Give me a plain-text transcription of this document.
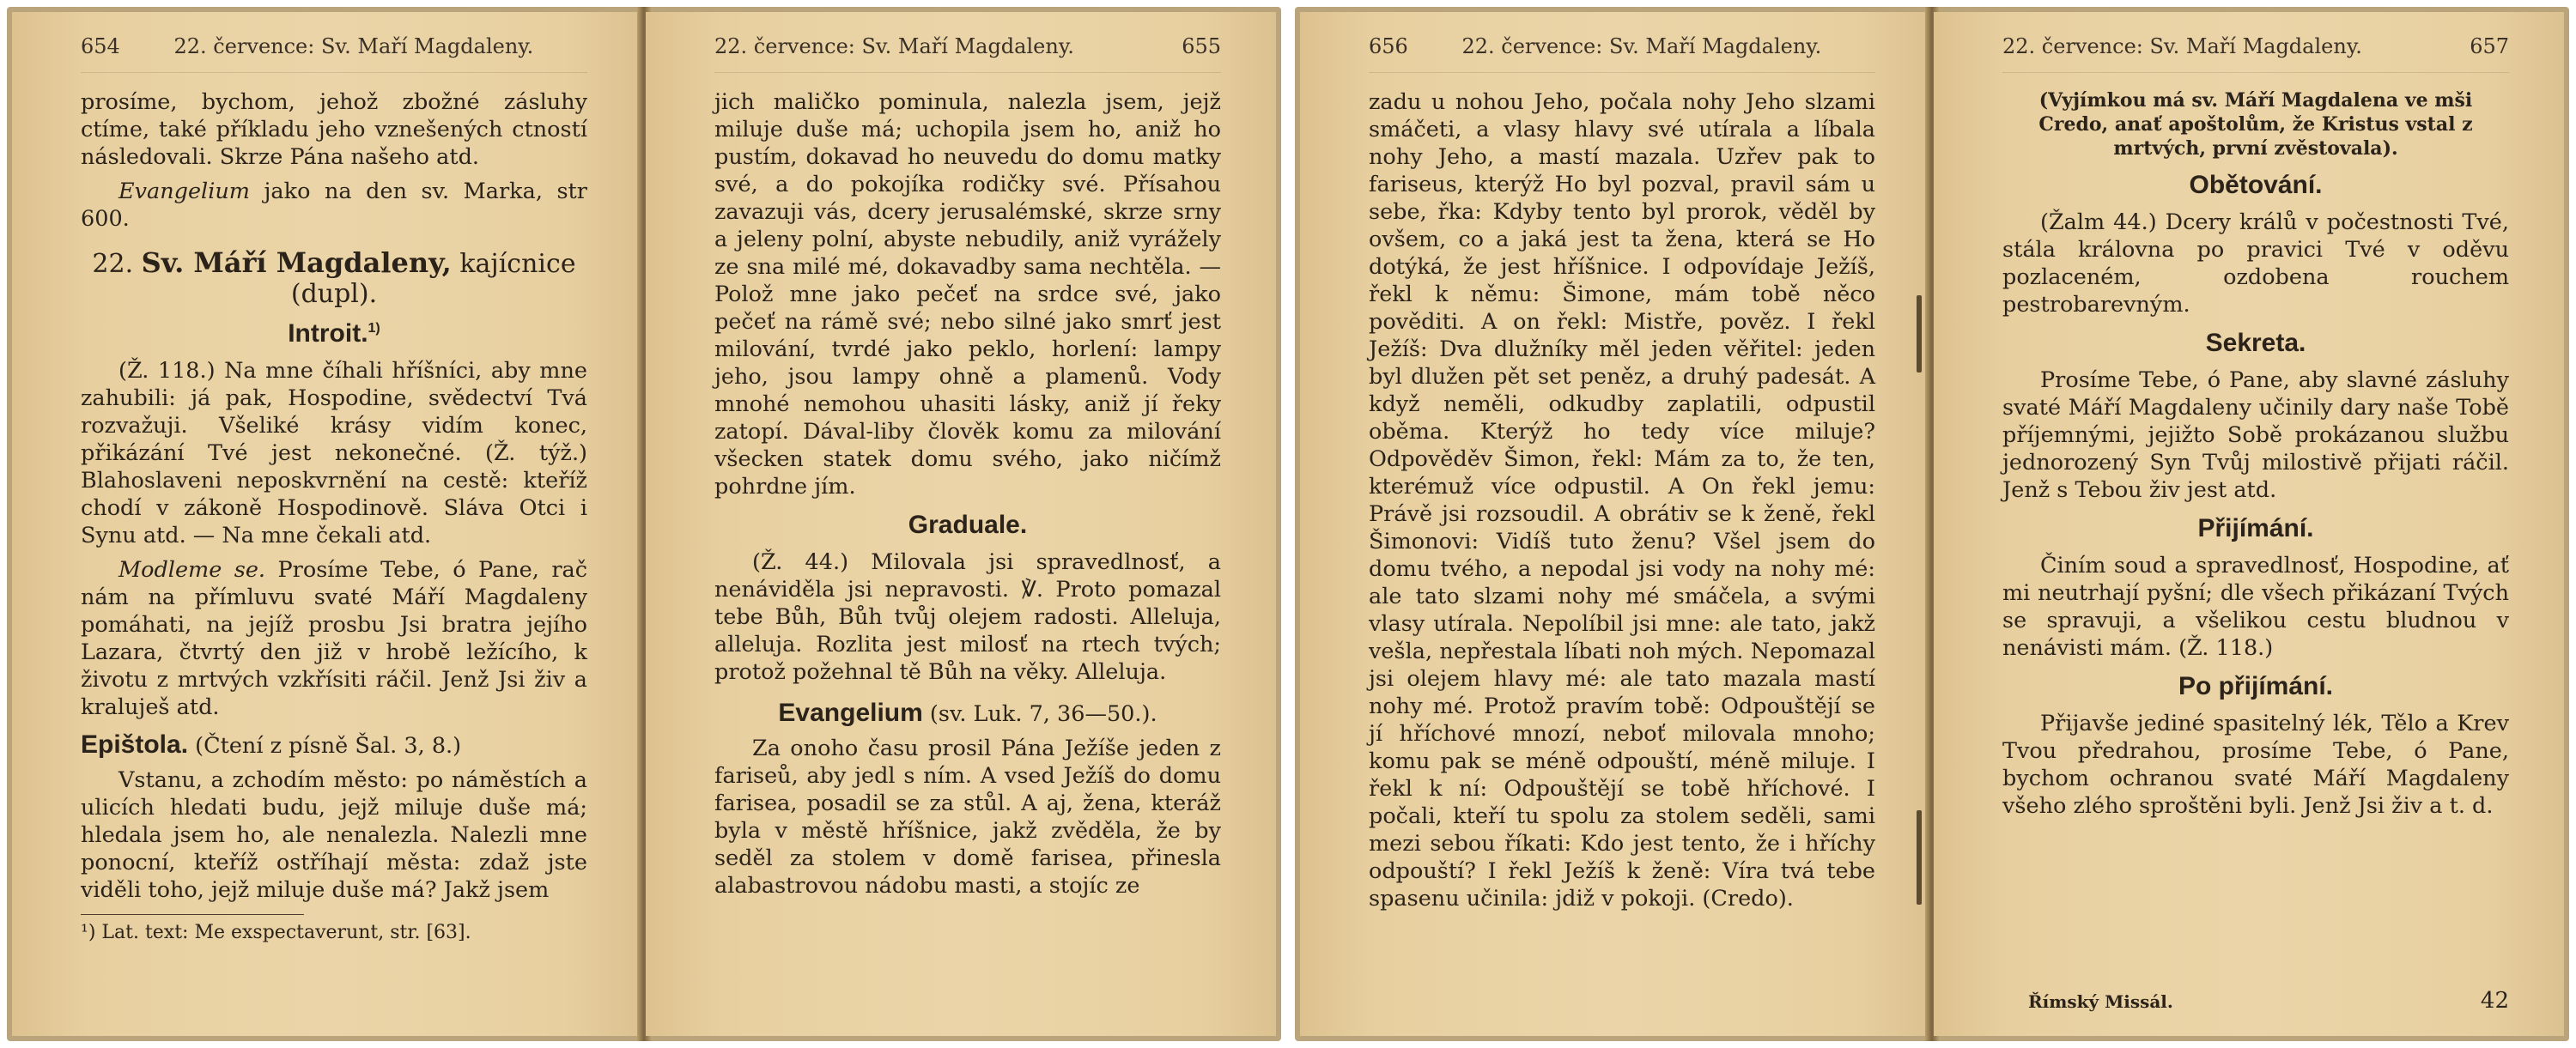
654	22. července: Sv. Maří Magdaleny.

prosíme, bychom, jehož zbožné zásluhy ctíme, také příkladu jeho vznešených ctností následovali. Skrze Pána našeho atd.

Evangelium jako na den sv. Marka, str 600.

22. Sv. Máří Magdaleny, kajícnice (dupl).
Introit.$^{1)}$

(Ž. 118.) Na mne číhali hříšníci, aby mne zahubili: já pak, Hospodine, svědectví Tvá rozvažuji. Všeliké krásy vidím konec, přikázání Tvé jest nekonečné. (Ž. týž.) Blahoslaveni neposkvrnění na cestě: kteříž chodí v zákoně Hospodinově. Sláva Otci i Synu atd. — Na mne čekali atd.

Modleme se. Prosíme Tebe, ó Pane, rač nám na přímluvu svaté Máří Magdaleny pomáhati, na jejíž prosbu Jsi bratra jejího Lazara, čtvrtý den již v hrobě ležícího, k životu z mrtvých vzkřísiti ráčil. Jenž Jsi živ a kraluješ atd.

Epištola. (Čtení z písně Šal. 3, 8.)

Vstanu, a zchodím město: po náměstích a ulicích hledati budu, jejž miluje duše má; hledala jsem ho, ale nenalezla. Nalezli mne ponocní, kteříž ostříhají města: zdaž jste viděli toho, jejž miluje duše má? Jakž jsem

¹) Lat. text: Me exspectaverunt, str. [63].
22. července: Sv. Maří Magdaleny.	655

jich maličko pominula, nalezla jsem, jejž miluje duše má; uchopila jsem ho, aniž ho pustím, dokavad ho neuvedu do domu matky své, a do pokojíka rodičky své. Přísahou zavazuji vás, dcery jerusalémské, skrze srny a jeleny polní, abyste nebudily, aniž vyrážely ze sna milé mé, dokavadby sama nechtěla. — Polož mne jako pečeť na srdce své, jako pečeť na rámě své; nebo silné jako smrť jest milování, tvrdé jako peklo, horlení: lampy jeho, jsou lampy ohně a plamenů. Vody mnohé nemohou uhasiti lásky, aniž jí řeky zatopí. Dával-liby člověk komu za milování všecken statek domu svého, jako ničímž pohrdne jím.

Graduale.

(Ž. 44.) Milovala jsi spravedlnosť, a nenáviděla jsi nepravosti. ℣. Proto pomazal tebe Bůh, Bůh tvůj olejem radosti. Alleluja, alleluja. Rozlita jest milosť na rtech tvých; protož požehnal tě Bůh na věky. Alleluja.

Evangelium (sv. Luk. 7, 36—50.).

Za onoho času prosil Pána Ježíše jeden z fariseů, aby jedl s ním. A vsed Ježíš do domu farisea, posadil se za stůl. A aj, žena, kteráž byla v městě hříšnice, jakž zvěděla, že by seděl za stolem v domě farisea, přinesla alabastrovou nádobu masti, a stojíc ze

656	22. července: Sv. Maří Magdaleny.

zadu u nohou Jeho, počala nohy Jeho slzami smáčeti, a vlasy hlavy své utírala a líbala nohy Jeho, a mastí mazala. Uzřev pak to fariseus, kterýž Ho byl pozval, pravil sám u sebe, řka: Kdyby tento byl prorok, věděl by ovšem, co a jaká jest ta žena, která se Ho dotýká, že jest hříšnice. I odpovídaje Ježíš, řekl k němu: Šimone, mám tobě něco pověditi. A on řekl: Mistře, pověz. I řekl Ježíš: Dva dlužníky měl jeden věřitel: jeden byl dlužen pět set peněz, a druhý padesát. A když neměli, odkudby zaplatili, odpustil oběma. Kterýž ho tedy více miluje? Odpověděv Šimon, řekl: Mám za to, že ten, kterémuž více odpustil. A On řekl jemu: Právě jsi rozsoudil. A obrátiv se k ženě, řekl Šimonovi: Vidíš tuto ženu? Všel jsem do domu tvého, a nepodal jsi vody na nohy mé: ale tato slzami nohy mé smáčela, a svými vlasy utírala. Nepolíbil jsi mne: ale tato, jakž vešla, nepřestala líbati noh mých. Nepomazal jsi olejem hlavy mé: ale tato mazala mastí nohy mé. Protož pravím tobě: Odpouštějí se jí hříchové mnozí, neboť milovala mnoho; komu pak se méně odpouští, méně miluje. I řekl k ní: Odpouštějí se tobě hříchové. I počali, kteří tu spolu za stolem seděli, sami mezi sebou říkati: Kdo jest tento, že i hříchy odpouští? I řekl Ježíš k ženě: Víra tvá tebe spasenu učinila: jdiž v pokoji. (Credo).

22. července: Sv. Maří Magdaleny.	657

(Vyjímkou má sv. Máří Magdalena ve mši Credo, anať apoštolům, že Kristus vstal z mrtvých, první zvěstovala).

Obětování.

(Žalm 44.) Dcery králů v počestnosti Tvé, stála královna po pravici Tvé v oděvu pozlaceném, ozdobena rouchem pestrobarevným.

Sekreta.

Prosíme Tebe, ó Pane, aby slavné zásluhy svaté Máří Magdaleny učinily dary naše Tobě příjemnými, jejižto Sobě prokázanou službu jednorozený Syn Tvůj milostivě přijati ráčil. Jenž s Tebou živ jest atd.

Přijímání.

Činím soud a spravedlnosť, Hospodine, ať mi neutrhají pyšní; dle všech přikázaní Tvých se spravuji, a všelikou cestu bludnou v nenávisti mám. (Ž. 118.)

Po přijímání.

Přijavše jediné spasitelný lék, Tělo a Krev Tvou předrahou, prosíme Tebe, ó Pane, bychom ochranou svaté Máří Magdaleny všeho zlého sproštěni byli. Jenž Jsi živ a t. d.

Římský Missál.	42
